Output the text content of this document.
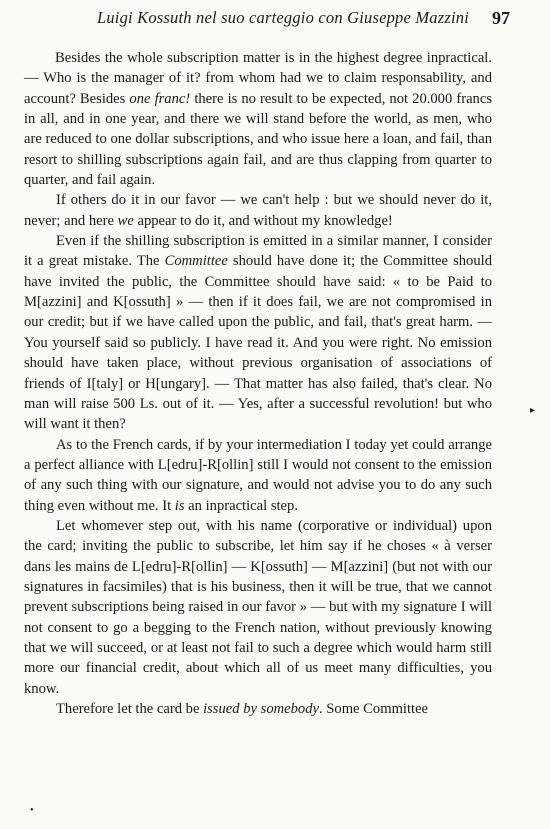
Luigi Kossuth nel suo carteggio con Giuseppe Mazzini 97

Besides the whole subscription matter is in the highest degree inpractical. — Who is the manager of it? from whom had we to claim responsability, and account? Besides one franc! there is no result to be expected, not 20.000 francs in all, and in one year, and there we will stand before the world, as men, who are reduced to one dollar subscriptions, and who issue here a loan, and fail, than resort to shilling subscriptions again fail, and are thus clapping from quarter to quarter, and fail again.

If others do it in our favor — we can't help : but we should never do it, never; and here we appear to do it, and without my knowledge!

Even if the shilling subscription is emitted in a similar manner, I consider it a great mistake. The Committee should have done it; the Committee should have invited the public, the Committee should have said: « to be Paid to M[azzini] and K[ossuth] » — then if it does fail, we are not compromised in our credit; but if we have called upon the public, and fail, that's great harm. — You yourself said so publicly. I have read it. And you were right. No emission should have taken place, without previous organisation of associations of friends of I[taly] or H[ungary]. — That matter has also failed, that's clear. No man will raise 500 Ls. out of it. — Yes, after a successful revolution! but who will want it then?

As to the French cards, if by your intermediation I today yet could arrange a perfect alliance with L[edru]-R[ollin] still I would not consent to the emission of any such thing with our signature, and would not advise you to do any such thing even without me. It is an inpractical step.

Let whomever step out, with his name (corporative or individual) upon the card; inviting the public to subscribe, let him say if he choses « à verser dans les mains de L[edru]-R[ollin] — K[ossuth] — M[azzini] (but not with our signatures in facsimiles) that is his business, then it will be true, that we cannot prevent subscriptions being raised in our favor » — but with my signature I will not consent to go a begging to the French nation, without previously knowing that we will succeed, or at least not fail to such a degree which would harm still more our financial credit, about which all of us meet many difficulties, you know.

Therefore let the card be issued by somebody. Some Committee

▸
•
